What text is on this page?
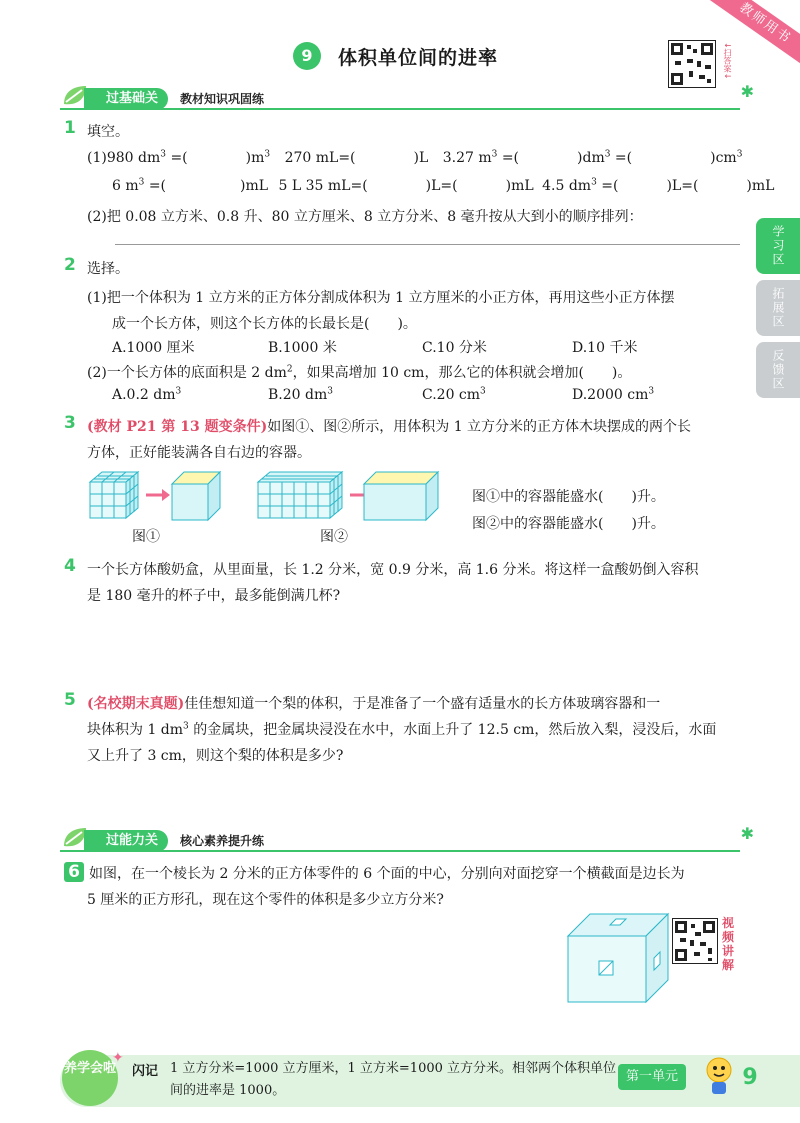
教师用书
9	体积单位间的进率	↓扫答案↓
过基础关	教材知识巩固练	✱
学习区
拓展区
反馈区
1 填空。
(1)980 $dm^3$ =(	)$m^3$ 270 mL=(	)L 3.27 $m^3$ =(	)$dm^3$ =(	)$cm^3$
6 $m^3$ =(	)mL 5 L 35 mL=(	)L=(	)mL 4.5 $dm^3$ =(	)L=(	)mL
(2)把 0.08 立方米、0.8 升、80 立方厘米、8 立方分米、8 毫升按从大到小的顺序排列：
2 选择。
(1)把一个体积为 1 立方米的正方体分割成体积为 1 立方厘米的小正方体，再用这些小正方体摆
成一个长方体，则这个长方体的长最长是(　　)。
A.1000 厘米	B.1000 米	C.10 分米	D.10 千米
(2)一个长方体的底面积是 2 $dm^2$，如果高增加 10 cm，那么它的体积就会增加(　　)。
A.0.2 $dm^3$	B.20 $dm^3$	C.20 $cm^3$	D.2000 $cm^3$
3 (教材 P21 第 13 题变条件)如图①、图②所示，用体积为 1 立方分米的正方体木块摆成的两个长
方体，正好能装满各自右边的容器。
图①	图②
图①中的容器能盛水(　　)升。
图②中的容器能盛水(　　)升。
4 一个长方体酸奶盒，从里面量，长 1.2 分米，宽 0.9 分米，高 1.6 分米。将这样一盒酸奶倒入容积
是 180 毫升的杯子中，最多能倒满几杯?
5 (名校期末真题)佳佳想知道一个梨的体积，于是准备了一个盛有适量水的长方体玻璃容器和一
块体积为 1 $dm^3$ 的金属块，把金属块浸没在水中，水面上升了 12.5 cm，然后放入梨，浸没后，水面
又上升了 3 cm，则这个梨的体积是多少?
过能力关	核心素养提升练	✱
6 如图，在一个棱长为 2 分米的正方体零件的 6 个面的中心，分别向对面挖穿一个横截面是边长为
5 厘米的正方形孔，现在这个零件的体积是多少立方分米?
视频讲解
养学会啦
✦
闪记 1 立方分米=1000 立方厘米，1 立方米=1000 立方分米。相邻两个体积单位间的进率是 1000。
第一单元	9
